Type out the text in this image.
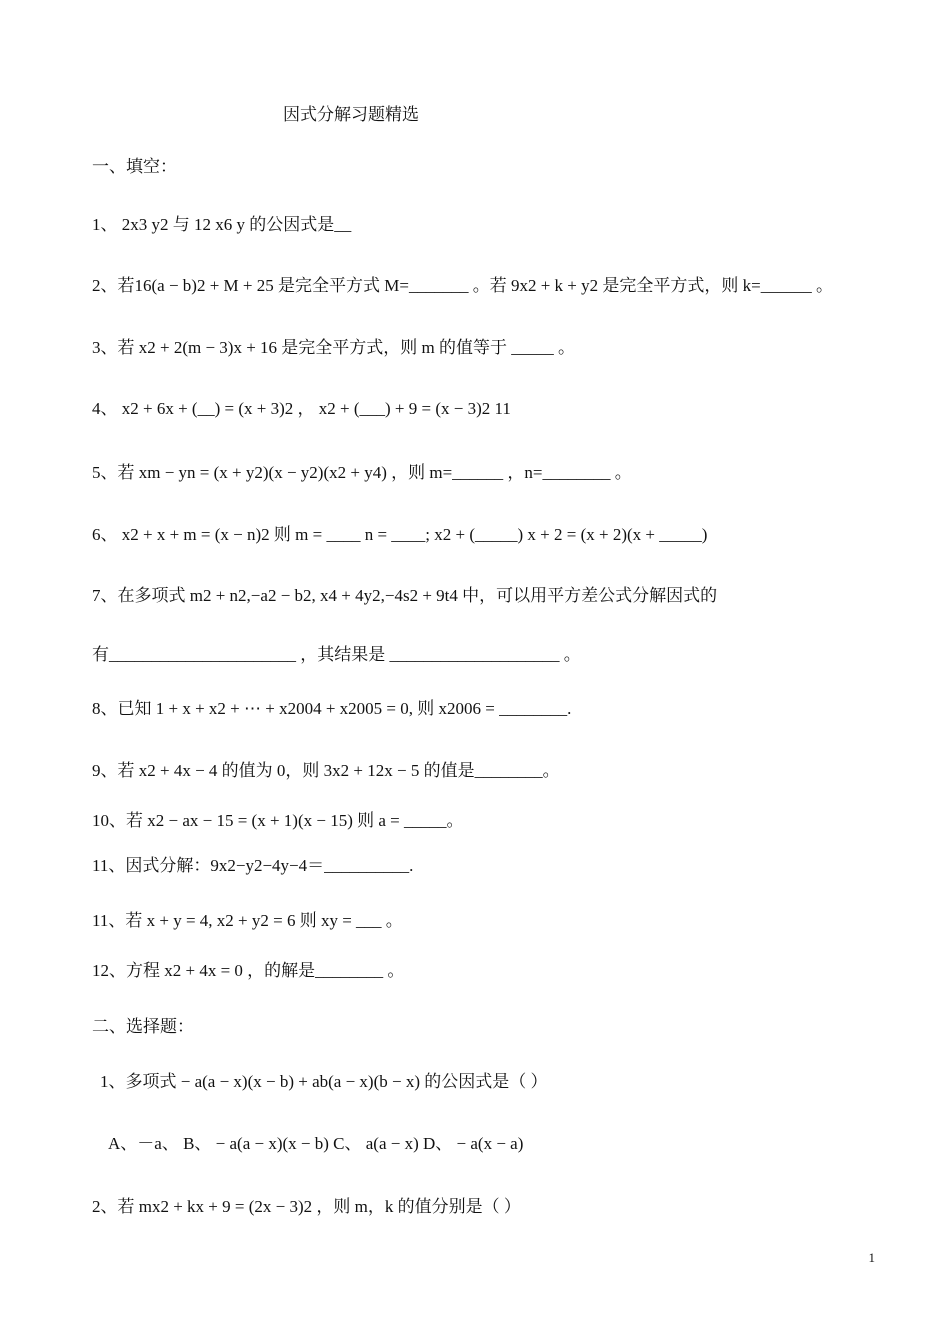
因式分解习题精选
一、填空：
1、 2x3 y2 与 12 x6 y 的公因式是__
2、若16(a − b)2 + M + 25 是完全平方式 M=_______ 。若 9x2 + k + y2 是完全平方式，则 k=______ 。
3、若 x2 + 2(m − 3)x + 16 是完全平方式，则 m 的值等于 _____ 。
4、 x2 + 6x + (__) = (x + 3)2 ， x2 + (___) + 9 = (x − 3)2 11
5、若 xm − yn = (x + y2)(x − y2)(x2 + y4) ，则 m=______ ，n=________ 。
6、 x2 + x + m = (x − n)2 则 m = ____ n = ____; x2 + (_____) x + 2 = (x + 2)(x + _____)
7、在多项式 m2 + n2,−a2 − b2, x4 + 4y2,−4s2 + 9t4 中，可以用平方差公式分解因式的
有______________________ ，其结果是 ____________________ 。
8、已知 1 + x + x2 + ⋯ + x2004 + x2005 = 0, 则 x2006 = ________.
9、若 x2 + 4x − 4 的值为 0，则 3x2 + 12x − 5 的值是________。
10、若 x2 − ax − 15 = (x + 1)(x − 15) 则 a = _____。
11、因式分解：9x2−y2−4y−4＝__________.
11、若 x + y = 4, x2 + y2 = 6 则 xy = ___ 。
12、方程 x2 + 4x = 0 ，的解是________ 。
二、选择题：
1、多项式 − a(a − x)(x − b) + ab(a − x)(b − x) 的公因式是（ ）
A、－a、 B、 − a(a − x)(x − b) C、 a(a − x) D、 − a(x − a)
2、若 mx2 + kx + 9 = (2x − 3)2 ，则 m，k 的值分别是（ ）
1
